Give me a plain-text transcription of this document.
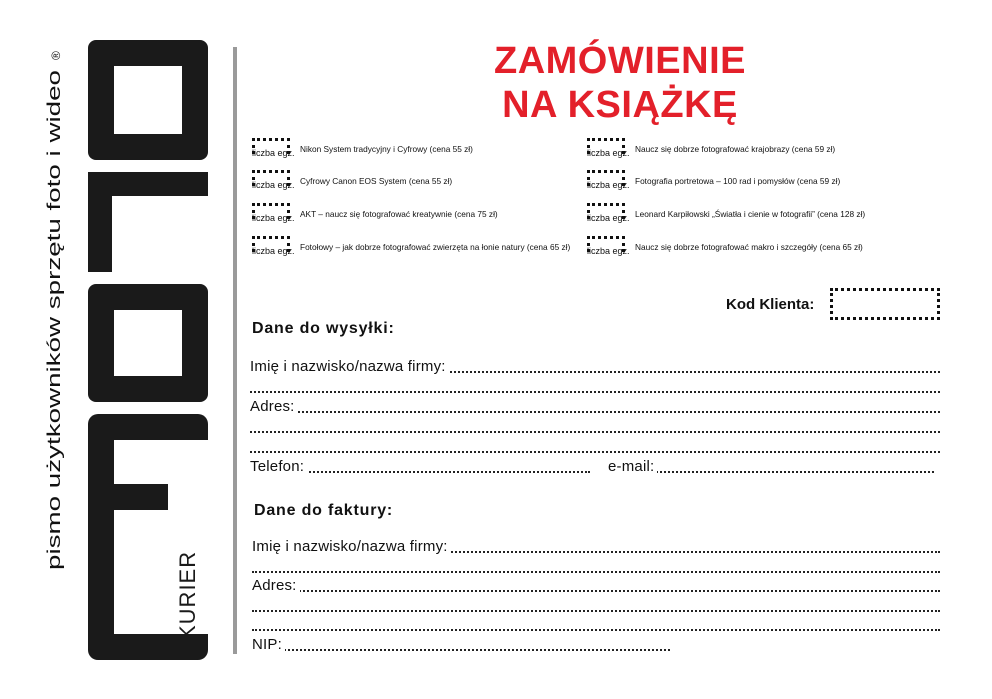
pismo użytkowników sprzętu foto i wideo
®
KURIER
ZAMÓWIENIE
NA KSIĄŻKĘ
liczba egz. Nikon System tradycyjny i Cyfrowy (cena 55 zł)
liczba egz. Cyfrowy Canon EOS System (cena 55 zł)
liczba egz. AKT – naucz się fotografować kreatywnie (cena 75 zł)
liczba egz. Fotołowy – jak dobrze fotografować zwierzęta na łonie natury (cena 65 zł)
liczba egz. Naucz się dobrze fotografować krajobrazy (cena 59 zł)
liczba egz. Fotografia portretowa – 100 rad i pomysłów (cena 59 zł)
liczba egz. Leonard Karpiłowski „Światła i cienie w fotografii” (cena 128 zł)
liczba egz. Naucz się dobrze fotografować makro i szczegóły (cena 65 zł)
Kod Klienta:
Dane do wysyłki:
Imię i nazwisko/nazwa firmy:
Adres:
Telefon:	e-mail:
Dane do faktury:
Imię i nazwisko/nazwa firmy:
Adres:
NIP:
